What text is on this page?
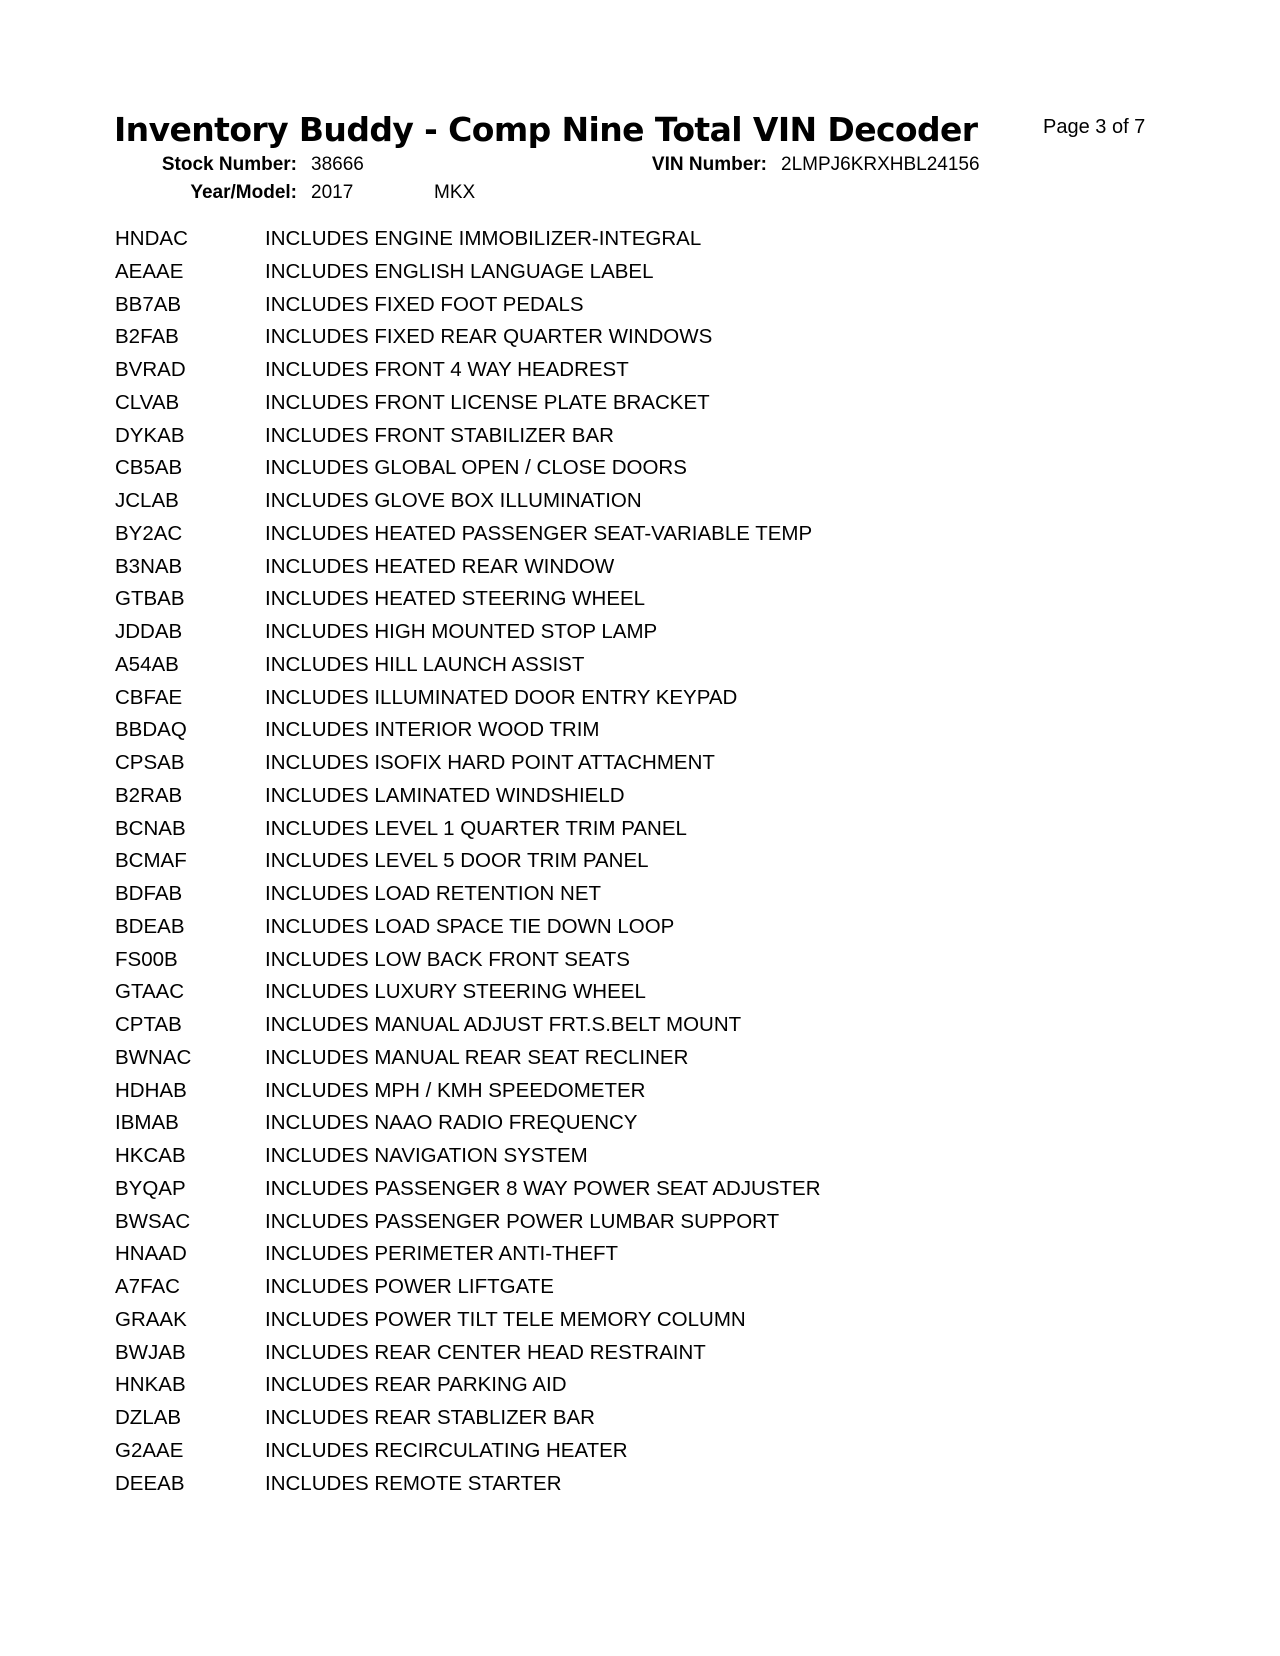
Inventory Buddy - Comp Nine Total VIN Decoder	Page 3 of 7
Stock Number: 38666	VIN Number: 2LMPJ6KRXHBL24156
Year/Model: 2017	MKX
HNDAC	INCLUDES ENGINE IMMOBILIZER-INTEGRAL
AEAAE	INCLUDES ENGLISH LANGUAGE LABEL
BB7AB	INCLUDES FIXED FOOT PEDALS
B2FAB	INCLUDES FIXED REAR QUARTER WINDOWS
BVRAD	INCLUDES FRONT 4 WAY HEADREST
CLVAB	INCLUDES FRONT LICENSE PLATE BRACKET
DYKAB	INCLUDES FRONT STABILIZER BAR
CB5AB	INCLUDES GLOBAL OPEN / CLOSE DOORS
JCLAB	INCLUDES GLOVE BOX ILLUMINATION
BY2AC	INCLUDES HEATED PASSENGER SEAT-VARIABLE TEMP
B3NAB	INCLUDES HEATED REAR WINDOW
GTBAB	INCLUDES HEATED STEERING WHEEL
JDDAB	INCLUDES HIGH MOUNTED STOP LAMP
A54AB	INCLUDES HILL LAUNCH ASSIST
CBFAE	INCLUDES ILLUMINATED DOOR ENTRY KEYPAD
BBDAQ	INCLUDES INTERIOR WOOD TRIM
CPSAB	INCLUDES ISOFIX HARD POINT ATTACHMENT
B2RAB	INCLUDES LAMINATED WINDSHIELD
BCNAB	INCLUDES LEVEL 1 QUARTER TRIM PANEL
BCMAF	INCLUDES LEVEL 5 DOOR TRIM PANEL
BDFAB	INCLUDES LOAD RETENTION NET
BDEAB	INCLUDES LOAD SPACE TIE DOWN LOOP
FS00B	INCLUDES LOW BACK FRONT SEATS
GTAAC	INCLUDES LUXURY STEERING WHEEL
CPTAB	INCLUDES MANUAL ADJUST FRT.S.BELT MOUNT
BWNAC	INCLUDES MANUAL REAR SEAT RECLINER
HDHAB	INCLUDES MPH / KMH SPEEDOMETER
IBMAB	INCLUDES NAAO RADIO FREQUENCY
HKCAB	INCLUDES NAVIGATION SYSTEM
BYQAP	INCLUDES PASSENGER 8 WAY POWER SEAT ADJUSTER
BWSAC	INCLUDES PASSENGER POWER LUMBAR SUPPORT
HNAAD	INCLUDES PERIMETER ANTI-THEFT
A7FAC	INCLUDES POWER LIFTGATE
GRAAK	INCLUDES POWER TILT TELE MEMORY COLUMN
BWJAB	INCLUDES REAR CENTER HEAD RESTRAINT
HNKAB	INCLUDES REAR PARKING AID
DZLAB	INCLUDES REAR STABLIZER BAR
G2AAE	INCLUDES RECIRCULATING HEATER
DEEAB	INCLUDES REMOTE STARTER
